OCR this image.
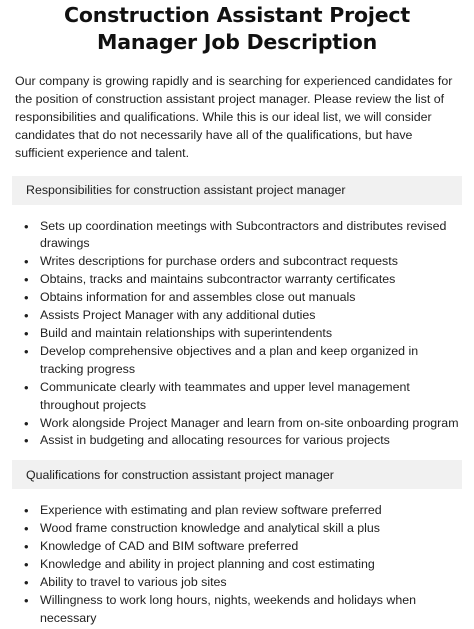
Construction Assistant Project Manager Job Description

Our company is growing rapidly and is searching for experienced candidates for the position of construction assistant project manager. Please review the list of responsibilities and qualifications. While this is our ideal list, we will consider candidates that do not necessarily have all of the qualifications, but have sufficient experience and talent.

Responsibilities for construction assistant project manager
• Sets up coordination meetings with Subcontractors and distributes revised drawings
• Writes descriptions for purchase orders and subcontract requests
• Obtains, tracks and maintains subcontractor warranty certificates
• Obtains information for and assembles close out manuals
• Assists Project Manager with any additional duties
• Build and maintain relationships with superintendents
• Develop comprehensive objectives and a plan and keep organized in tracking progress
• Communicate clearly with teammates and upper level management throughout projects
• Work alongside Project Manager and learn from on-site onboarding program
• Assist in budgeting and allocating resources for various projects
Qualifications for construction assistant project manager
• Experience with estimating and plan review software preferred
• Wood frame construction knowledge and analytical skill a plus
• Knowledge of CAD and BIM software preferred
• Knowledge and ability in project planning and cost estimating
• Ability to travel to various job sites
• Willingness to work long hours, nights, weekends and holidays when necessary
